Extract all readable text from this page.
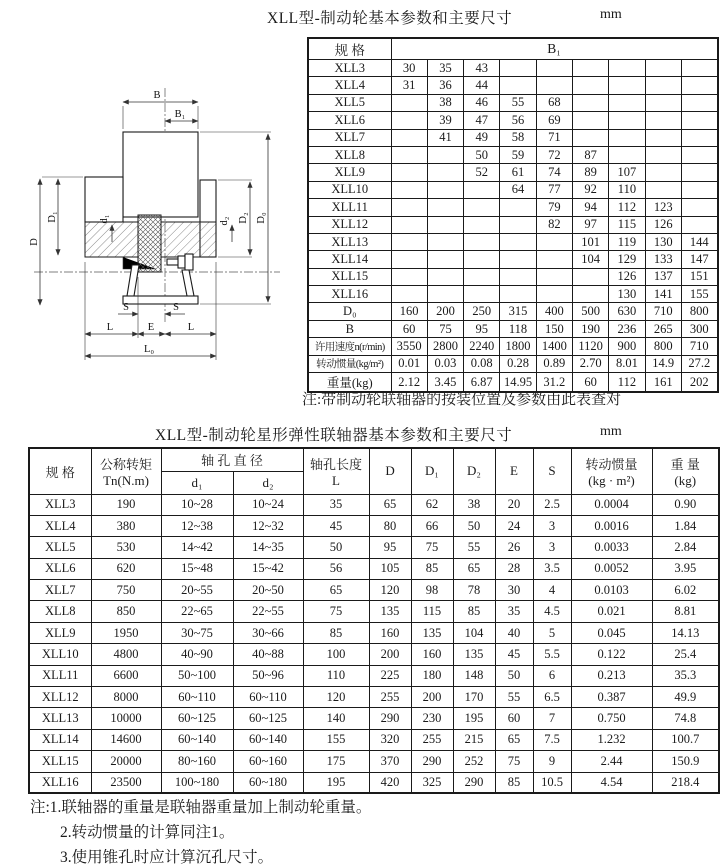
XLL型-制动轮基本参数和主要尺寸	mm
B
B₁
D
D₁	d₁	d₂ D₂ D₀
S	S
L	E	L
L₀
规 格	B₁								
XLL3	30	35	43						
XLL4	31	36	44						
XLL5		38	46	55	68				
XLL6		39	47	56	69				
XLL7		41	49	58	71				
XLL8			50	59	72	87			
XLL9			52	61	74	89	107		
XLL10				64	77	92	110		
XLL11					79	94	112	123	
XLL12					82	97	115	126	
XLL13						101	119	130	144
XLL14						104	129	133	147
XLL15							126	137	151
XLL16							130	141	155
D₀	160	200	250	315	400	500	630	710	800
B	60	75	95	118	150	190	236	265	300
许用速度n(r/min)	3550	2800	2240	1800	1400	1120	900	800	710
转动惯量(kg/m²)	0.01	0.03	0.08	0.28	0.89	2.70	8.01	14.9	27.2
重量(kg)	2.12	3.45	6.87	14.95	31.2	60	112	161	202
注:带制动轮联轴器的按装位置及参数由此表查对
XLL型-制动轮星形弹性联轴器基本参数和主要尺寸	mm
规 格	
公称转矩
Tn(N.m)
	轴 孔 直 径	轴孔长度
L
	D	D₁	D₂	E	S	转动惯量
(kg · m²)

重 量
(kg)

		d₁	d₂								
XLL3	190	10~28	10~24	35	65	62	38	20	2.5	0.0004	0.90
XLL4	380	12~38	12~32	45	80	66	50	24	3	0.0016	1.84
XLL5	530	14~42	14~35	50	95	75	55	26	3	0.0033	2.84
XLL6	620	15~48	15~42	56	105	85	65	28	3.5	0.0052	3.95
XLL7	750	20~55	20~50	65	120	98	78	30	4	0.0103	6.02
XLL8	850	22~65	22~55	75	135	115	85	35	4.5	0.021	8.81
XLL9	1950	30~75	30~66	85	160	135	104	40	5	0.045	14.13
XLL10	4800	40~90	40~88	100	200	160	135	45	5.5	0.122	25.4
XLL11	6600	50~100	50~96	110	225	180	148	50	6	0.213	35.3
XLL12	8000	60~110	60~110	120	255	200	170	55	6.5	0.387	49.9
XLL13	10000	60~125	60~125	140	290	230	195	60	7	0.750	74.8
XLL14	14600	60~140	60~140	155	320	255	215	65	7.5	1.232	100.7
XLL15	20000	80~160	60~160	175	370	290	252	75	9	2.44	150.9
XLL16	23500	100~180	60~180	195	420	325	290	85	10.5	4.54	218.4
注:1.联轴器的重量是联轴器重量加上制动轮重量。
2.转动惯量的计算同注1。
3.使用锥孔时应计算沉孔尺寸。
